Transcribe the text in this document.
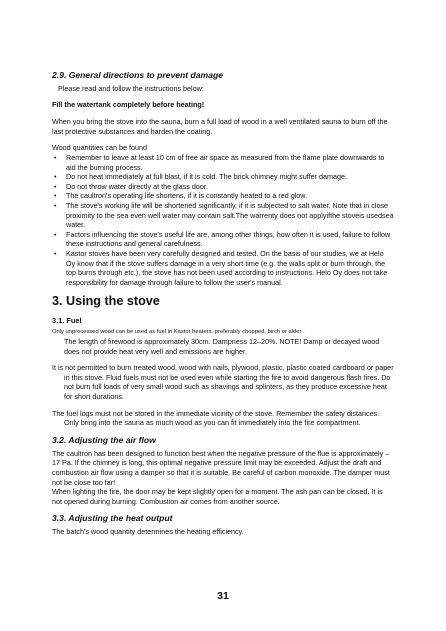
2.9. General directions to prevent damage

Please read and follow the instructions below:

Fill the watertank completely before heating!

When you bring the stove into the sauna, burn a full load of wood in a well ventilated sauna to burn off the last protective substances and harden the coating.

Wood quantities can be found

• Remember to leave at least 10 cm of free air space as measured from the flame plate downwards to aid the burning process.
• Do not heat immediately at full blast, if it is cold. The brick chimney might suffer damage.
• Do not throw water directly at the glass door.
• The caultron's operating life shortens, if it is constantly heated to a red glow.
• The stove's working life will be shortened significantly, if it is subjected to salt water. Note that in close proximity to the sea even well water may contain salt.The warrenty does not applyifthe stoveis usedsea water.
• Factors influencing the stove's useful life are, among other things, how often it is used, failure to follow these instructions and general carefulness.
• Kastor stoves have been very carefully designed and tested. On the basis of our studies, we at Helo Oy know that if the stove suffers damage in a very short time (e.g. the walls split or burn through, the top burns through etc.), the stove has not been used according to instructions. Helo Oy does not take responsibility for damage through failure to follow the user's manual.
3. Using the stove
3.1. Fuel

Only unprocessed wood can be used as fuel in Kastor heaters, preferably chopped, birch or alder .

The length of firewood is approximately 30cm. Dampness 12–20%. NOTE! Damp or decayed wood does not provide heat very well and emissions are higher.

It is not permitted to burn treated wood, wood with nails, plywood, plastic, plastic coated cardboard or paper in this stove. Fluid fuels must not be used even while starting the fire to avoid dangerous flash fires. Do not burn full loads of very small wood such as shavings and splinters, as they produce excessive heat for short durations.

The fuel logs must not be stored in the immediate vicinity of the stove. Remember the safety distances. Only bring into the sauna as much wood as you can fit immediately into the fire compartment.

3.2. Adjusting the air flow

The caultron has been designed to function best when the negative pressure of the flue is approximately –17 Pa. If the chimney is long, this optimal negative pressure limit may be exceeded. Adjust the draft and combustion air flow using a damper so that it is suitable. Be careful of carbon monoxide. The damper must not be close too far!

When lighting the fire, the door may be kept slightly open for a moment. The ash pan can be closed. It is not opened during burning. Combustion air comes from another source.

3.3. Adjusting the heat output

The batch's wood quantity determines the heating efficiency.

31
